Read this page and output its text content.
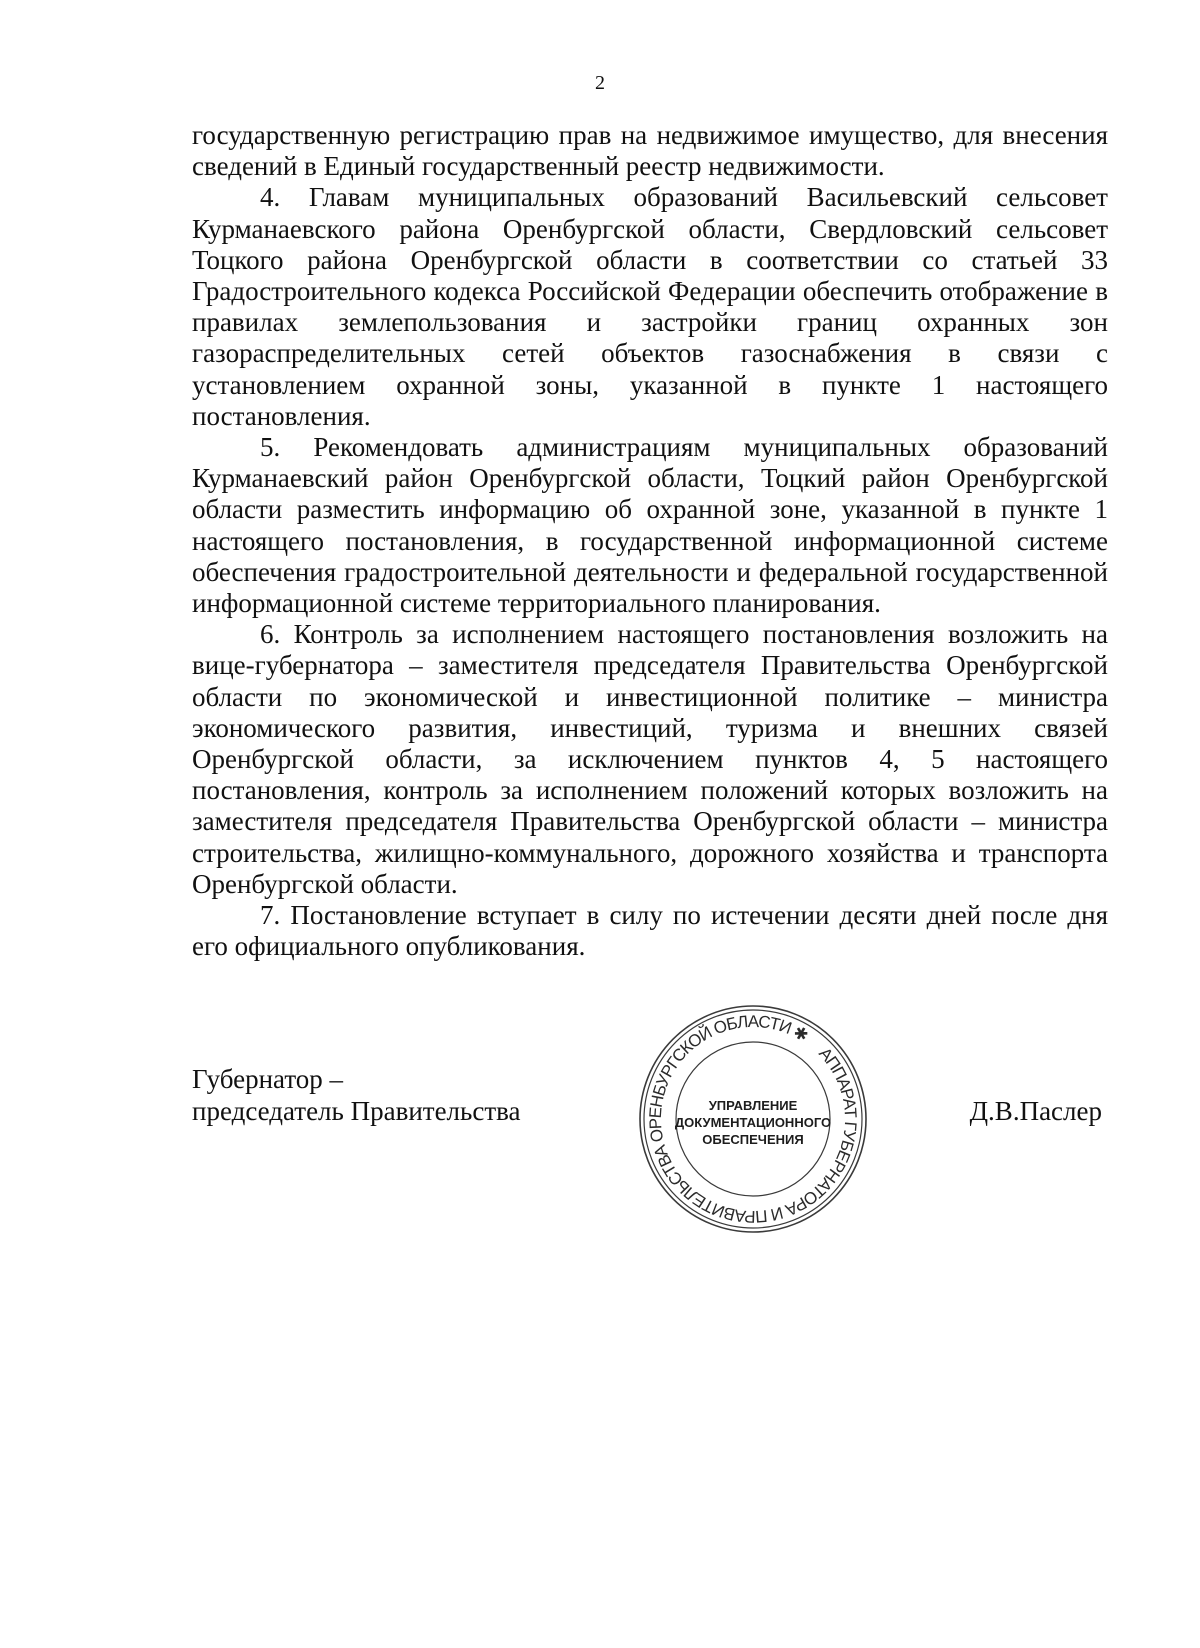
2

государственную регистрацию прав на недвижимое имущество, для внесения сведений в Единый государственный реестр недвижимости.

4. Главам муниципальных образований Васильевский сельсовет Курманаевского района Оренбургской области, Свердловский сельсовет Тоцкого района Оренбургской области в соответствии со статьей 33 Градостроительного кодекса Российской Федерации обеспечить отображение в правилах землепользования и застройки границ охранных зон газораспределительных сетей объектов газоснабжения в связи с установлением охранной зоны, указанной в пункте 1 настоящего постановления.

5. Рекомендовать администрациям муниципальных образований Курманаевский район Оренбургской области, Тоцкий район Оренбургской области разместить информацию об охранной зоне, указанной в пункте 1 настоящего постановления, в государственной информационной системе обеспечения градостроительной деятельности и федеральной государственной информационной системе территориального планирования.

6. Контроль за исполнением настоящего постановления возложить на вице-губернатора – заместителя председателя Правительства Оренбургской области по экономической и инвестиционной политике – министра экономического развития, инвестиций, туризма и внешних связей Оренбургской области, за исключением пунктов 4, 5 настоящего постановления, контроль за исполнением положений которых возложить на заместителя председателя Правительства Оренбургской области – министра строительства, жилищно-коммунального, дорожного хозяйства и транспорта Оренбургской области.

7. Постановление вступает в силу по истечении десяти дней после дня его официального опубликования.

Губернатор –
председатель Правительства
АППАРАТ ГУБЕРНАТОРА И ПРАВИТЕЛЬСТВА ОРЕНБУРГСКОЙ ОБЛАСТИ ✱
УПРАВЛЕНИЕ
ДОКУМЕНТАЦИОННОГО
ОБЕСПЕЧЕНИЯ
Д.В.Паслер
